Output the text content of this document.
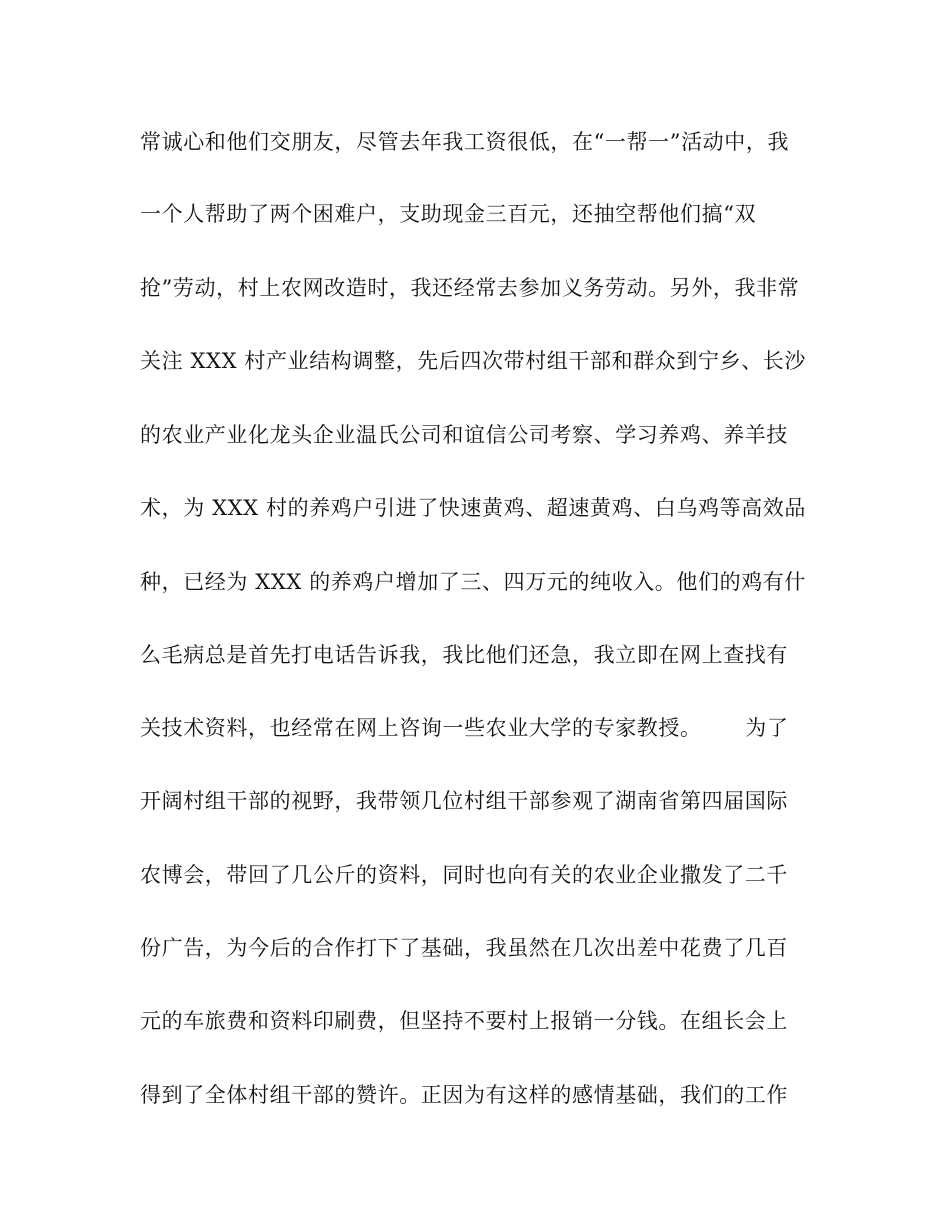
常诚心和他们交朋友，尽管去年我工资很低，在“一帮一”活动中，我
一个人帮助了两个困难户，支助现金三百元，还抽空帮他们搞“双
抢”劳动，村上农网改造时，我还经常去参加义务劳动。另外，我非常
关注 XXX 村产业结构调整，先后四次带村组干部和群众到宁乡、长沙
的农业产业化龙头企业温氏公司和谊信公司考察、学习养鸡、养羊技
术，为 XXX 村的养鸡户引进了快速黄鸡、超速黄鸡、白乌鸡等高效品
种，已经为 XXX 的养鸡户增加了三、四万元的纯收入。他们的鸡有什
么毛病总是首先打电话告诉我，我比他们还急，我立即在网上查找有
关技术资料，也经常在网上咨询一些农业大学的专家教授。      为了
开阔村组干部的视野，我带领几位村组干部参观了湖南省第四届国际
农博会，带回了几公斤的资料，同时也向有关的农业企业撒发了二千
份广告，为今后的合作打下了基础，我虽然在几次出差中花费了几百
元的车旅费和资料印刷费，但坚持不要村上报销一分钱。在组长会上
得到了全体村组干部的赞许。正因为有这样的感情基础，我们的工作
